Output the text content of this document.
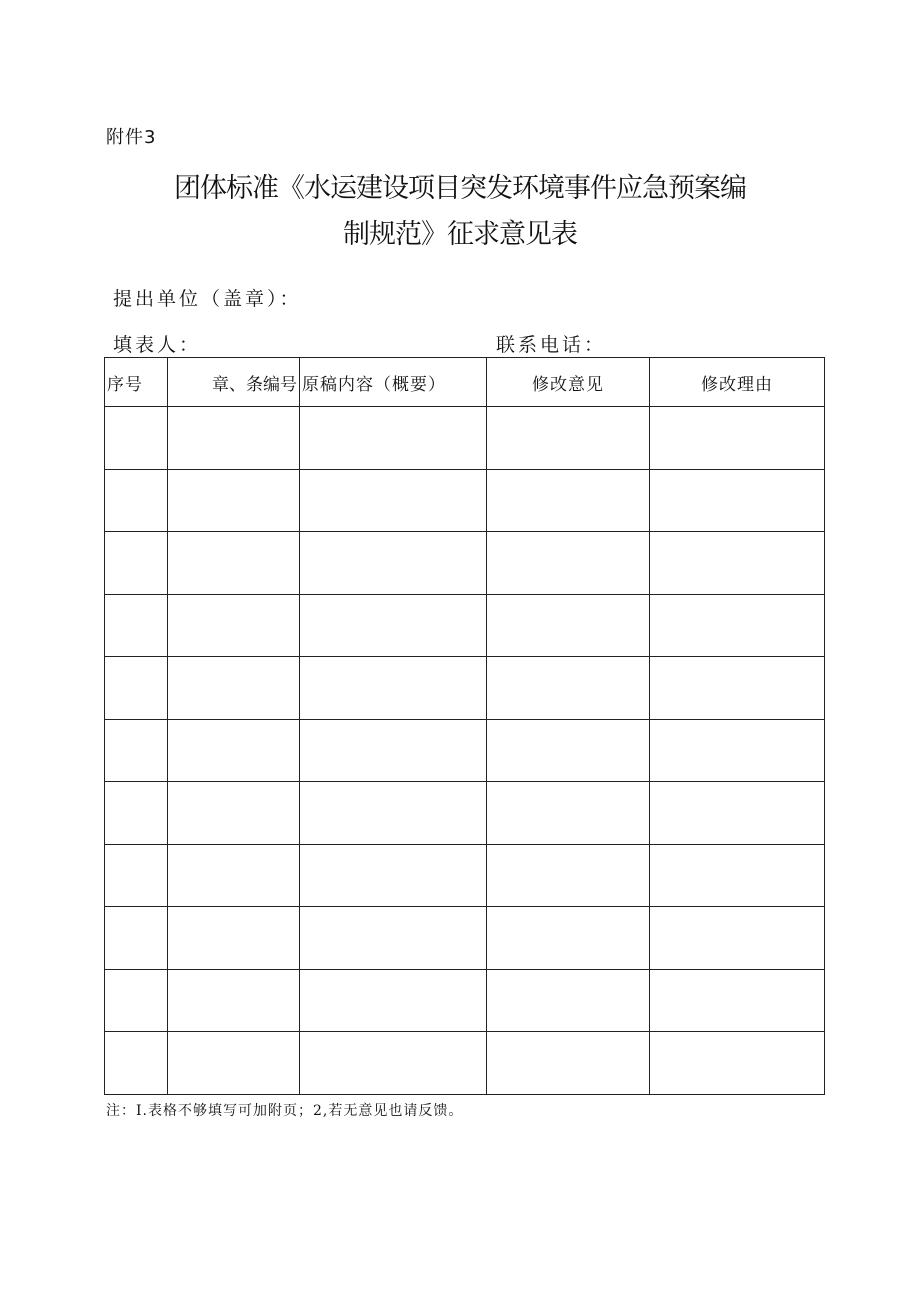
附件3
团体标准《水运建设项目突发环境事件应急预案编
制规范》征求意见表
提出单位（盖章）：
填表人：	联系电话：
序号	章、条编号	原稿内容（概要）	修改意见	修改理由

注：I.表格不够填写可加附页；2,若无意见也请反馈。
